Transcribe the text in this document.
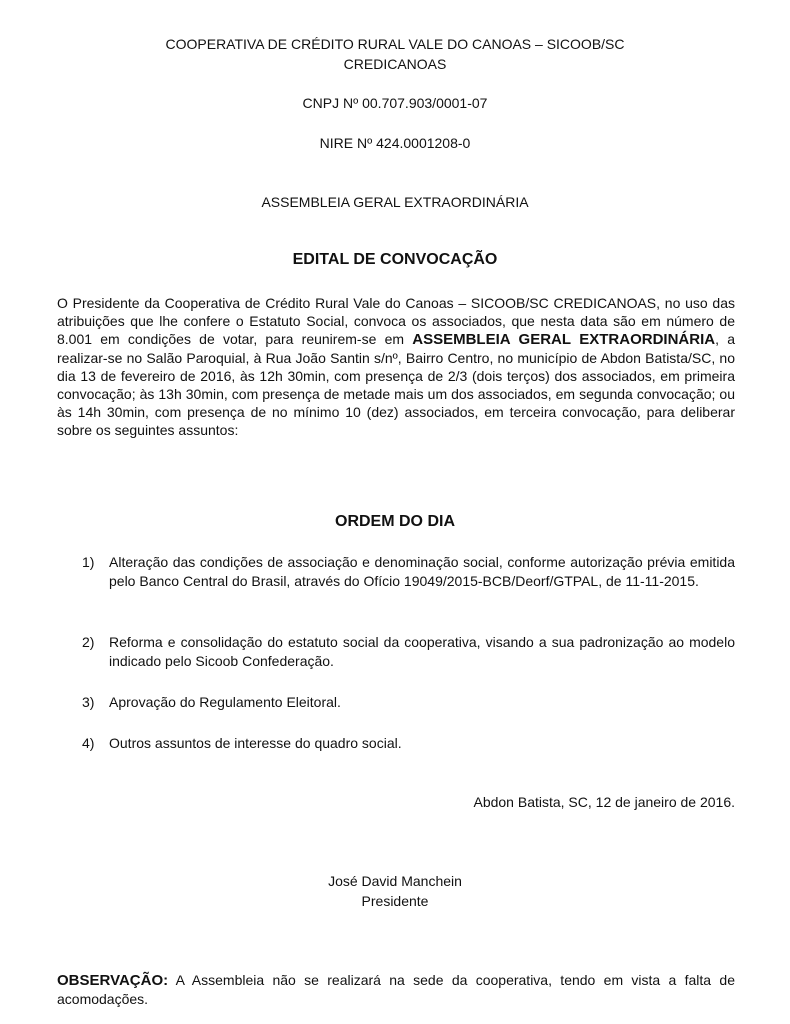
COOPERATIVA DE CRÉDITO RURAL VALE DO CANOAS – SICOOB/SC
CREDICANOAS
CNPJ Nº 00.707.903/0001-07
NIRE Nº 424.0001208-0
ASSEMBLEIA GERAL EXTRAORDINÁRIA
EDITAL DE CONVOCAÇÃO
O Presidente da Cooperativa de Crédito Rural Vale do Canoas – SICOOB/SC CREDICANOAS, no uso das atribuições que lhe confere o Estatuto Social, convoca os associados, que nesta data são em número de 8.001 em condições de votar, para reunirem-se em ASSEMBLEIA GERAL EXTRAORDINÁRIA, a realizar-se no Salão Paroquial, à Rua João Santin s/nº, Bairro Centro, no município de Abdon Batista/SC, no dia 13 de fevereiro de 2016, às 12h 30min, com presença de 2/3 (dois terços) dos associados, em primeira convocação; às 13h 30min, com presença de metade mais um dos associados, em segunda convocação; ou às 14h 30min, com presença de no mínimo 10 (dez) associados, em terceira convocação, para deliberar sobre os seguintes assuntos:
ORDEM DO DIA
1)	Alteração das condições de associação e denominação social, conforme autorização prévia emitida pelo Banco Central do Brasil, através do Ofício 19049/2015-BCB/Deorf/GTPAL, de 11-11-2015.
2)	Reforma e consolidação do estatuto social da cooperativa, visando a sua padronização ao modelo indicado pelo Sicoob Confederação.
3)	Aprovação do Regulamento Eleitoral.
4)	Outros assuntos de interesse do quadro social.
Abdon Batista, SC, 12 de janeiro de 2016.
José David Manchein
Presidente
OBSERVAÇÃO: A Assembleia não se realizará na sede da cooperativa, tendo em vista a falta de acomodações.
